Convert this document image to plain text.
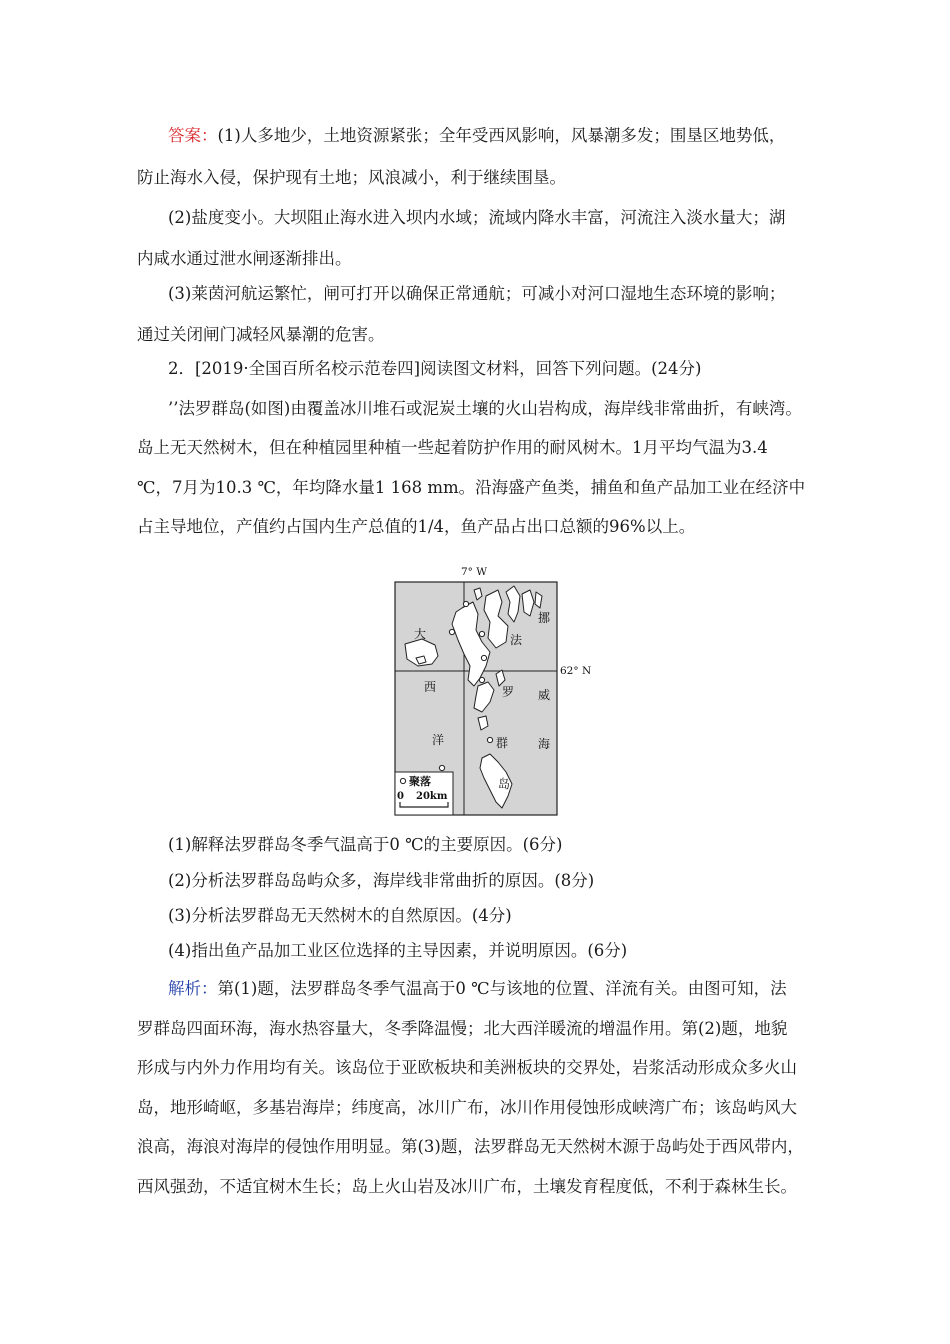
答案：(1)人多地少，土地资源紧张；全年受西风影响，风暴潮多发；围垦区地势低，
防止海水入侵，保护现有土地；风浪减小，利于继续围垦。
(2)盐度变小。大坝阻止海水进入坝内水域；流域内降水丰富，河流注入淡水量大；湖
内咸水通过泄水闸逐渐排出。
(3)莱茵河航运繁忙，闸可打开以确保正常通航；可减小对河口湿地生态环境的影响；
通过关闭闸门减轻风暴潮的危害。
2．[2019·全国百所名校示范卷四]阅读图文材料，回答下列问题。(24分)
’’法罗群岛(如图)由覆盖冰川堆石或泥炭土壤的火山岩构成，海岸线非常曲折，有峡湾。
岛上无天然树木，但在种植园里种植一些起着防护作用的耐风树木。1月平均气温为3.4
℃，7月为10.3 ℃，年均降水量1 168 mm。沿海盛产鱼类，捕鱼和鱼产品加工业在经济中
占主导地位，产值约占国内生产总值的1/4，鱼产品占出口总额的96%以上。
7° W
62° N
大
西
洋
法
罗
群
岛
挪
威
海
聚落
0 20km
(1)解释法罗群岛冬季气温高于0 ℃的主要原因。(6分)
(2)分析法罗群岛岛屿众多，海岸线非常曲折的原因。(8分)
(3)分析法罗群岛无天然树木的自然原因。(4分)
(4)指出鱼产品加工业区位选择的主导因素，并说明原因。(6分)
解析：第(1)题，法罗群岛冬季气温高于0 ℃与该地的位置、洋流有关。由图可知，法
罗群岛四面环海，海水热容量大，冬季降温慢；北大西洋暖流的增温作用。第(2)题，地貌
形成与内外力作用均有关。该岛位于亚欧板块和美洲板块的交界处，岩浆活动形成众多火山
岛，地形崎岖，多基岩海岸；纬度高，冰川广布，冰川作用侵蚀形成峡湾广布；该岛屿风大
浪高，海浪对海岸的侵蚀作用明显。第(3)题，法罗群岛无天然树木源于岛屿处于西风带内，
西风强劲，不适宜树木生长；岛上火山岩及冰川广布，土壤发育程度低，不利于森林生长。
